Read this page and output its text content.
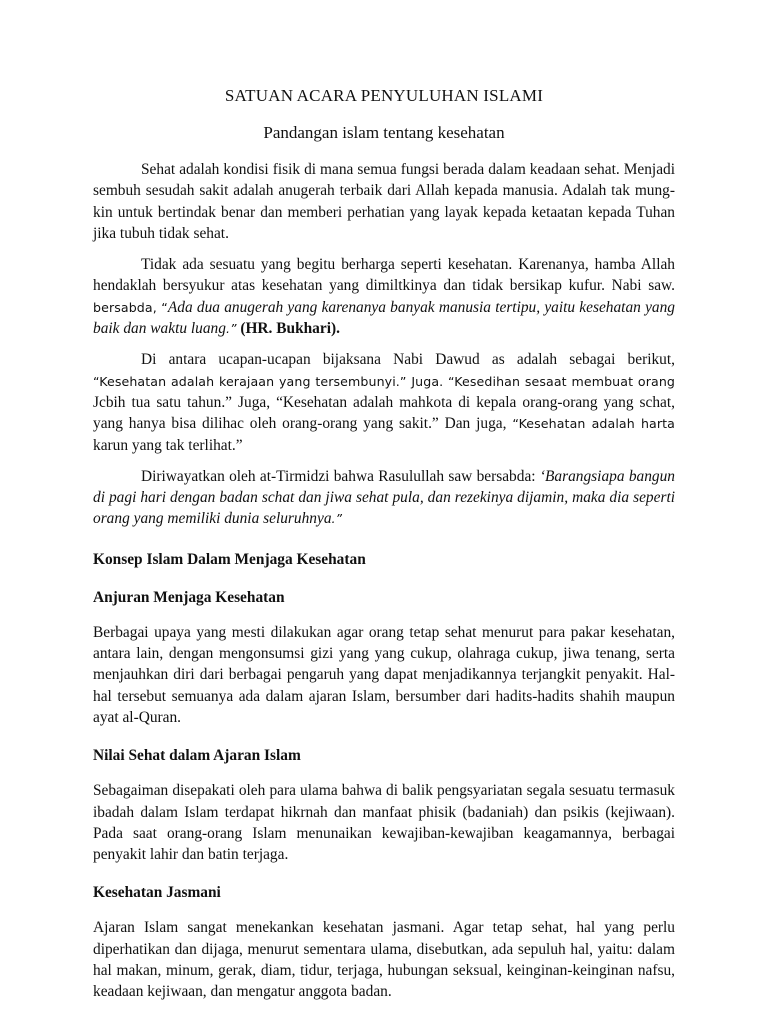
SATUAN ACARA PENYULUHAN ISLAMI
Pandangan islam tentang kesehatan

Sehat adalah kondisi fisik di mana semua fungsi berada dalam keadaan sehat. Menjadi sembuh sesudah sakit adalah anugerah terbaik dari Allah kepada manusia. Adalah tak mung-kin untuk bertindak benar dan memberi perhatian yang layak kepada ketaatan kepada Tuhan jika tubuh tidak sehat.

Tidak ada sesuatu yang begitu berharga seperti kesehatan. Karenanya, hamba Allah hendaklah bersyukur atas kesehatan yang dimiltkinya dan tidak bersikap kufur. Nabi saw. bersabda, “Ada dua anugerah yang karenanya banyak manusia tertipu, yaitu kesehatan yang baik dan waktu luang.” (HR. Bukhari).

Di antara ucapan-ucapan bijaksana Nabi Dawud as adalah sebagai berikut, “Kesehatan adalah kerajaan yang tersembunyi.” Juga. “Kesedihan sesaat membuat orang Jcbih tua satu tahun.” Juga, “Kesehatan adalah mahkota di kepala orang-orang yang schat, yang hanya bisa dilihac oleh orang-orang yang sakit.” Dan juga, “Kesehatan adalah harta karun yang tak terlihat.”

Diriwayatkan oleh at-Tirmidzi bahwa Rasulullah saw bersabda: ‘Barangsiapa bangun di pagi hari dengan badan schat dan jiwa sehat pula, dan rezekinya dijamin, maka dia seperti orang yang memiliki dunia seluruhnya.”

Konsep Islam Dalam Menjaga Kesehatan
Anjuran Menjaga Kesehatan

Berbagai upaya yang mesti dilakukan agar orang tetap sehat menurut para pakar kesehatan, antara lain, dengan mengonsumsi gizi yang yang cukup, olahraga cukup, jiwa tenang, serta menjauhkan diri dari berbagai pengaruh yang dapat menjadikannya terjangkit penyakit. Hal-hal tersebut semuanya ada dalam ajaran Islam, bersumber dari hadits-hadits shahih maupun ayat al-Quran.

Nilai Sehat dalam Ajaran Islam

Sebagaiman disepakati oleh para ulama bahwa di balik pengsyariatan segala sesuatu termasuk ibadah dalam Islam terdapat hikrnah dan manfaat phisik (badaniah) dan psikis (kejiwaan). Pada saat orang-orang Islam menunaikan kewajiban-kewajiban keagamannya, berbagai penyakit lahir dan batin terjaga.

Kesehatan Jasmani

Ajaran Islam sangat menekankan kesehatan jasmani. Agar tetap sehat, hal yang perlu diperhatikan dan dijaga, menurut sementara ulama, disebutkan, ada sepuluh hal, yaitu: dalam hal makan, minum, gerak, diam, tidur, terjaga, hubungan seksual, keinginan-keinginan nafsu, keadaan kejiwaan, dan mengatur anggota badan.
